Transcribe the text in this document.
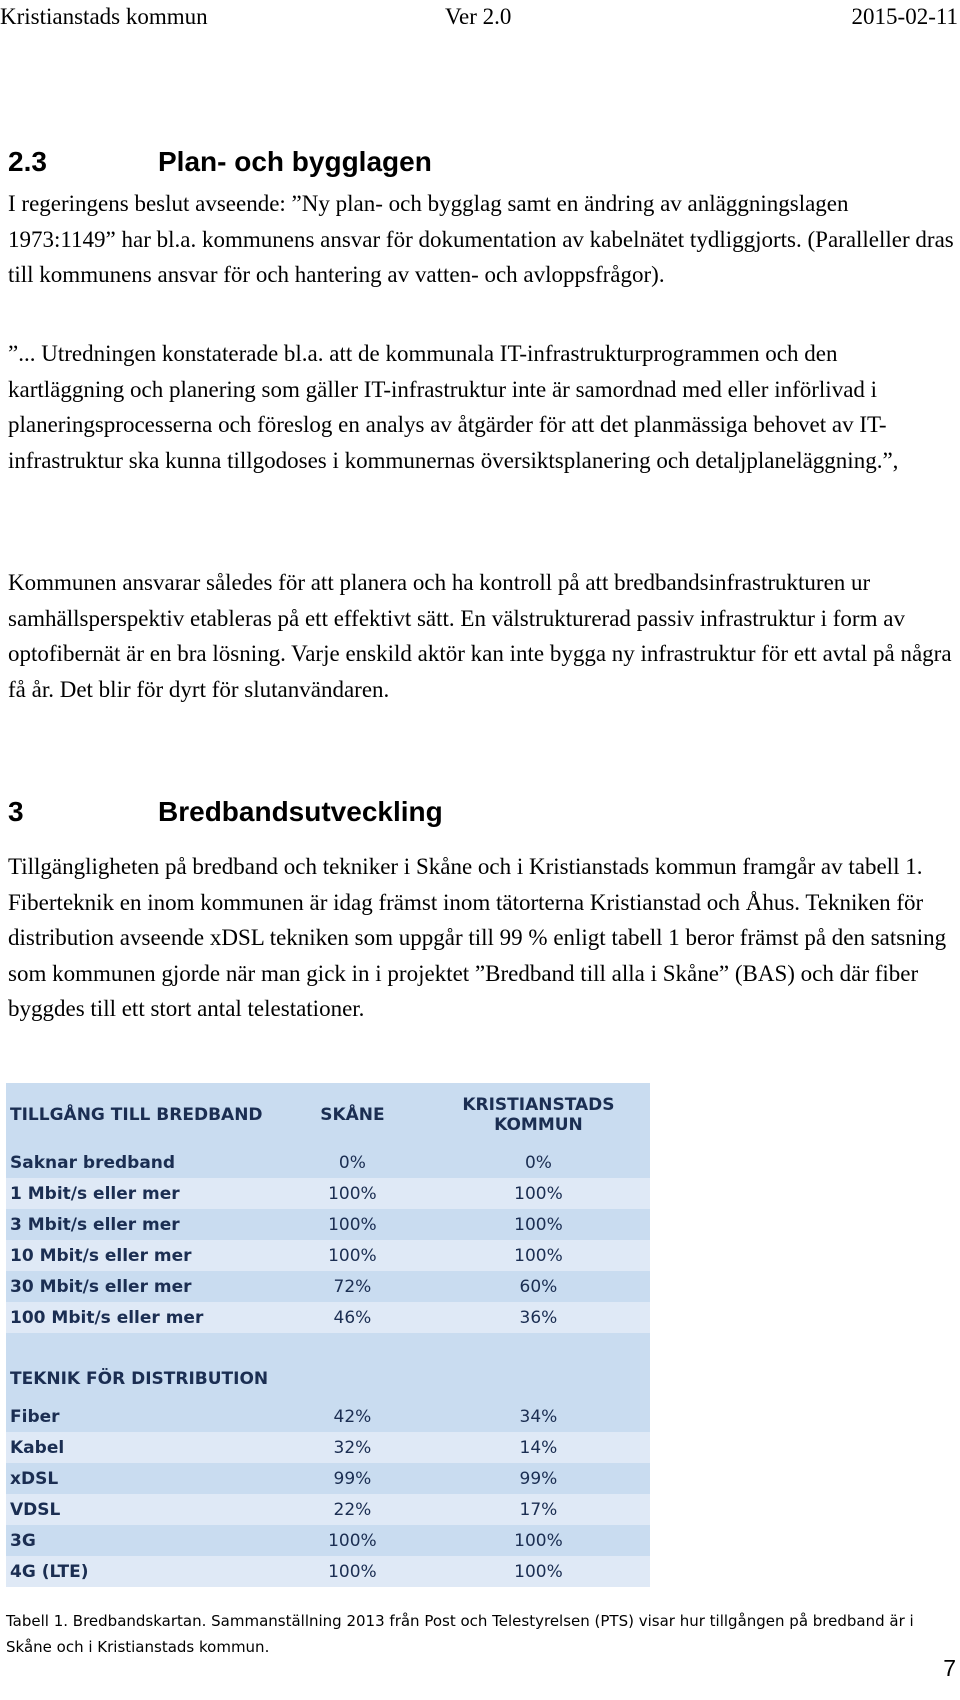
Kristianstads kommun	Ver 2.0	2015-02-11
2.3	Plan- och bygglagen

I regeringens beslut avseende: ”Ny plan- och bygglag samt en ändring av anläggningslagen 1973:1149” har bl.a. kommunens ansvar för dokumentation av kabelnätet tydliggjorts. (Paralleller dras till kommunens ansvar för och hantering av vatten- och avloppsfrågor).

”... Utredningen konstaterade bl.a. att de kommunala IT-infrastrukturprogrammen och den kartläggning och planering som gäller IT-infrastruktur inte är samordnad med eller införlivad i planeringsprocesserna och föreslog en analys av åtgärder för att det planmässiga behovet av IT-infrastruktur ska kunna tillgodoses i kommunernas översiktsplanering och detaljplaneläggning.”,

Kommunen ansvarar således för att planera och ha kontroll på att bredbandsinfrastrukturen ur samhällsperspektiv etableras på ett effektivt sätt. En välstrukturerad passiv infrastruktur i form av optofibernät är en bra lösning. Varje enskild aktör kan inte bygga ny infrastruktur för ett avtal på några få år. Det blir för dyrt för slutanvändaren.

3	Bredbandsutveckling

Tillgängligheten på bredband och tekniker i Skåne och i Kristianstads kommun framgår av tabell 1. Fiberteknik en inom kommunen är idag främst inom tätorterna Kristianstad och Åhus. Tekniken för distribution avseende xDSL tekniken som uppgår till 99 % enligt tabell 1 beror främst på den satsning som kommunen gjorde när man gick in i projektet ”Bredband till alla i Skåne” (BAS) och där fiber byggdes till ett stort antal telestationer.

TILLGÅNG TILL BREDBAND	SKÅNE	KRISTIANSTADS KOMMUN
Saknar bredband	0%	0%
1 Mbit/s eller mer	100%	100%
3 Mbit/s eller mer	100%	100%
10 Mbit/s eller mer	100%	100%
30 Mbit/s eller mer	72%	60%
100 Mbit/s eller mer	46%	36%

TEKNIK FÖR DISTRIBUTION		
Fiber	42%	34%
Kabel	32%	14%
xDSL	99%	99%
VDSL	22%	17%
3G	100%	100%
4G (LTE)	100%	100%
Tabell 1. Bredbandskartan. Sammanställning 2013 från Post och Telestyrelsen (PTS) visar hur tillgången på bredband är i Skåne och i Kristianstads kommun.
7
